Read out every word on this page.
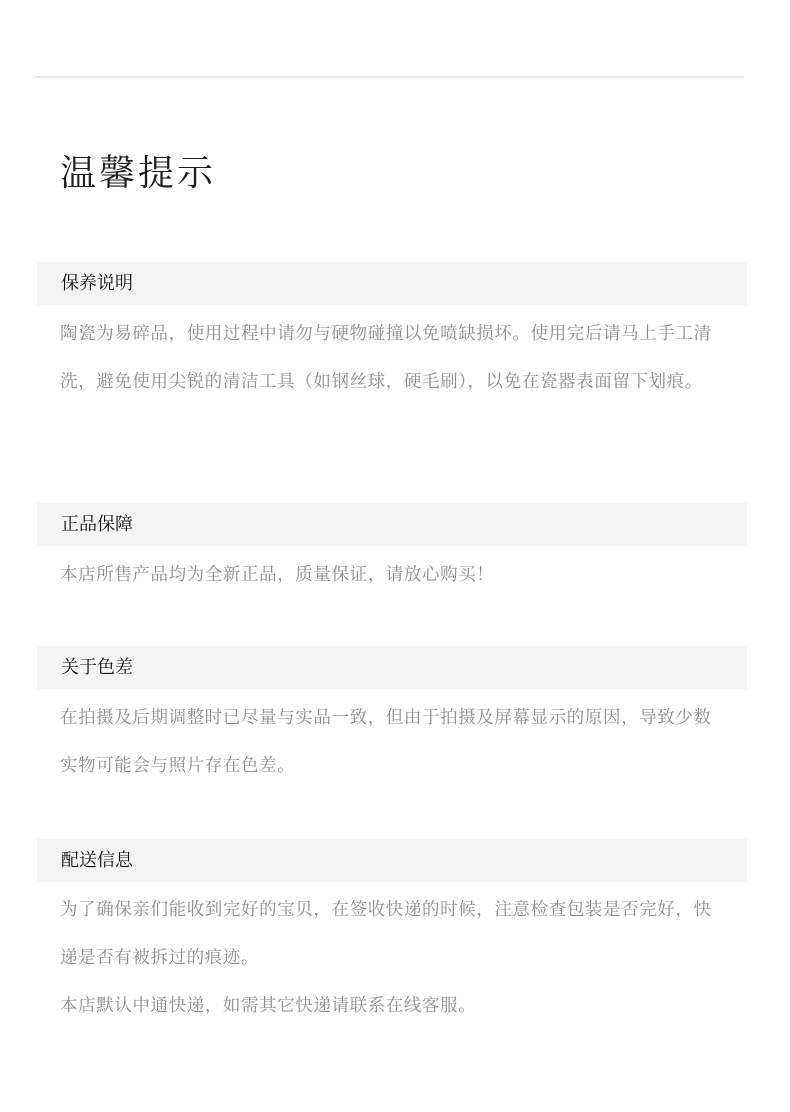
温馨提示
保养说明

陶瓷为易碎品，使用过程中请勿与硬物碰撞以免喷缺损坏。使用完后请马上手工清洗，避免使用尖锐的清洁工具（如钢丝球，硬毛刷），以免在瓷器表面留下划痕。

正品保障

本店所售产品均为全新正品，质量保证，请放心购买！

关于色差

在拍摄及后期调整时已尽量与实品一致，但由于拍摄及屏幕显示的原因，导致少数实物可能会与照片存在色差。

配送信息

为了确保亲们能收到完好的宝贝，在签收快递的时候，注意检查包装是否完好，快递是否有被拆过的痕迹。

本店默认中通快递，如需其它快递请联系在线客服。
